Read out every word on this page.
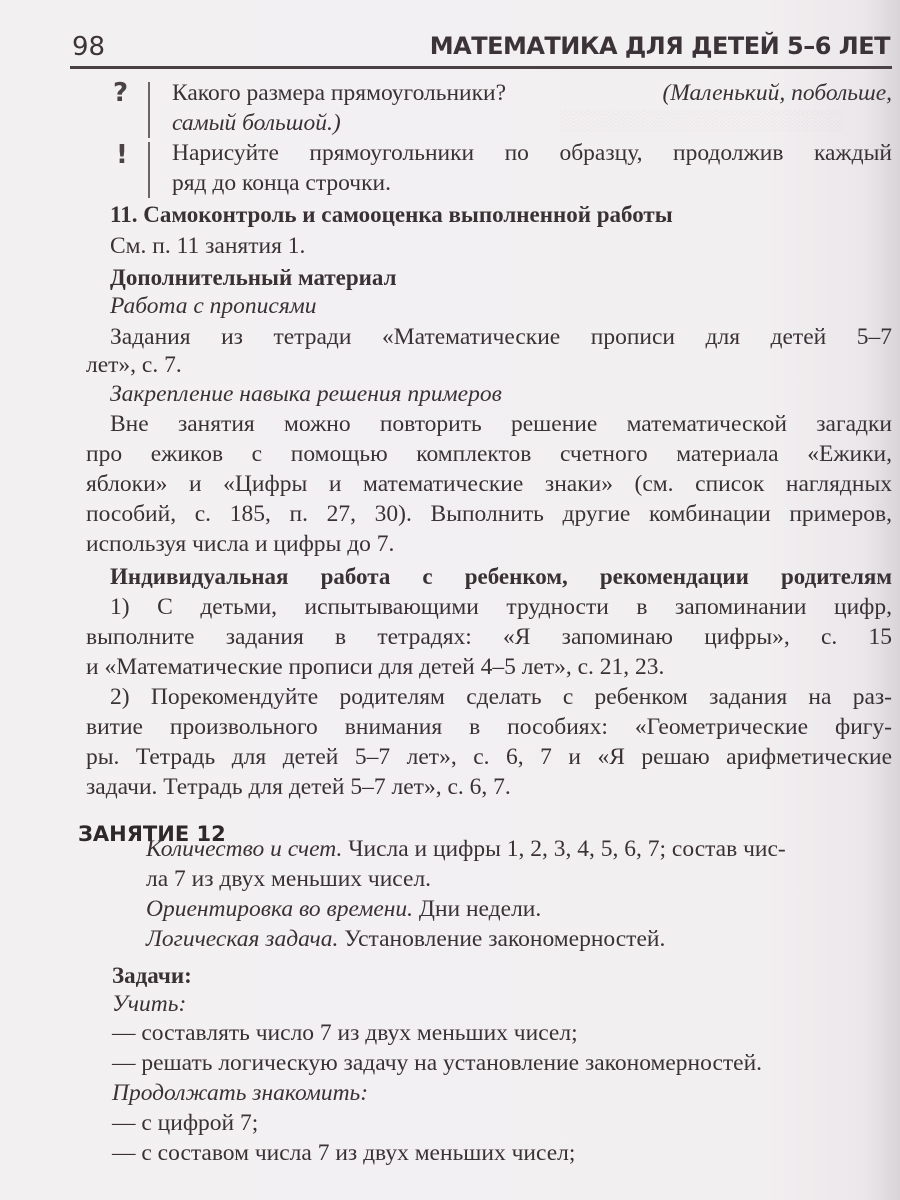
98	МАТЕМАТИКА ДЛЯ ДЕТЕЙ 5–6 ЛЕТ
░░░░░░░░░░░░░░░░░░░░
? Какого размера прямоугольники?	(Маленький, побольше,
самый большой.)
! Нарисуйте прямоугольники по образцу, продолжив каждый
ряд до конца строчки.
11. Самоконтроль и самооценка выполненной работы
См. п. 11 занятия 1.
Дополнительный материал
Работа с прописями
Задания из тетради «Математические прописи для детей 5–7
лет», с. 7.
Закрепление навыка решения примеров
Вне занятия можно повторить решение математической загадки
про ежиков с помощью комплектов счетного материала «Ежики,
яблоки» и «Цифры и математические знаки» (см. список наглядных
пособий, с. 185, п. 27, 30). Выполнить другие комбинации примеров,
используя числа и цифры до 7.
Индивидуальная работа с ребенком, рекомендации родителям
1) С детьми, испытывающими трудности в запоминании цифр,
выполните задания в тетрадях: «Я запоминаю цифры», с. 15
и «Математические прописи для детей 4–5 лет», с. 21, 23.
2) Порекомендуйте родителям сделать с ребенком задания на раз-
витие произвольного внимания в пособиях: «Геометрические фигу-
ры. Тетрадь для детей 5–7 лет», с. 6, 7 и «Я решаю арифметические
задачи. Тетрадь для детей 5–7 лет», с. 6, 7.
ЗАНЯТИЕ 12
Количество и счет. Числа и цифры 1, 2, 3, 4, 5, 6, 7; состав чис-
ла 7 из двух меньших чисел.
Ориентировка во времени. Дни недели.
Логическая задача. Установление закономерностей.
Задачи:
Учить:
— составлять число 7 из двух меньших чисел;
— решать логическую задачу на установление закономерностей.
Продолжать знакомить:
— с цифрой 7;
— с составом числа 7 из двух меньших чисел;
